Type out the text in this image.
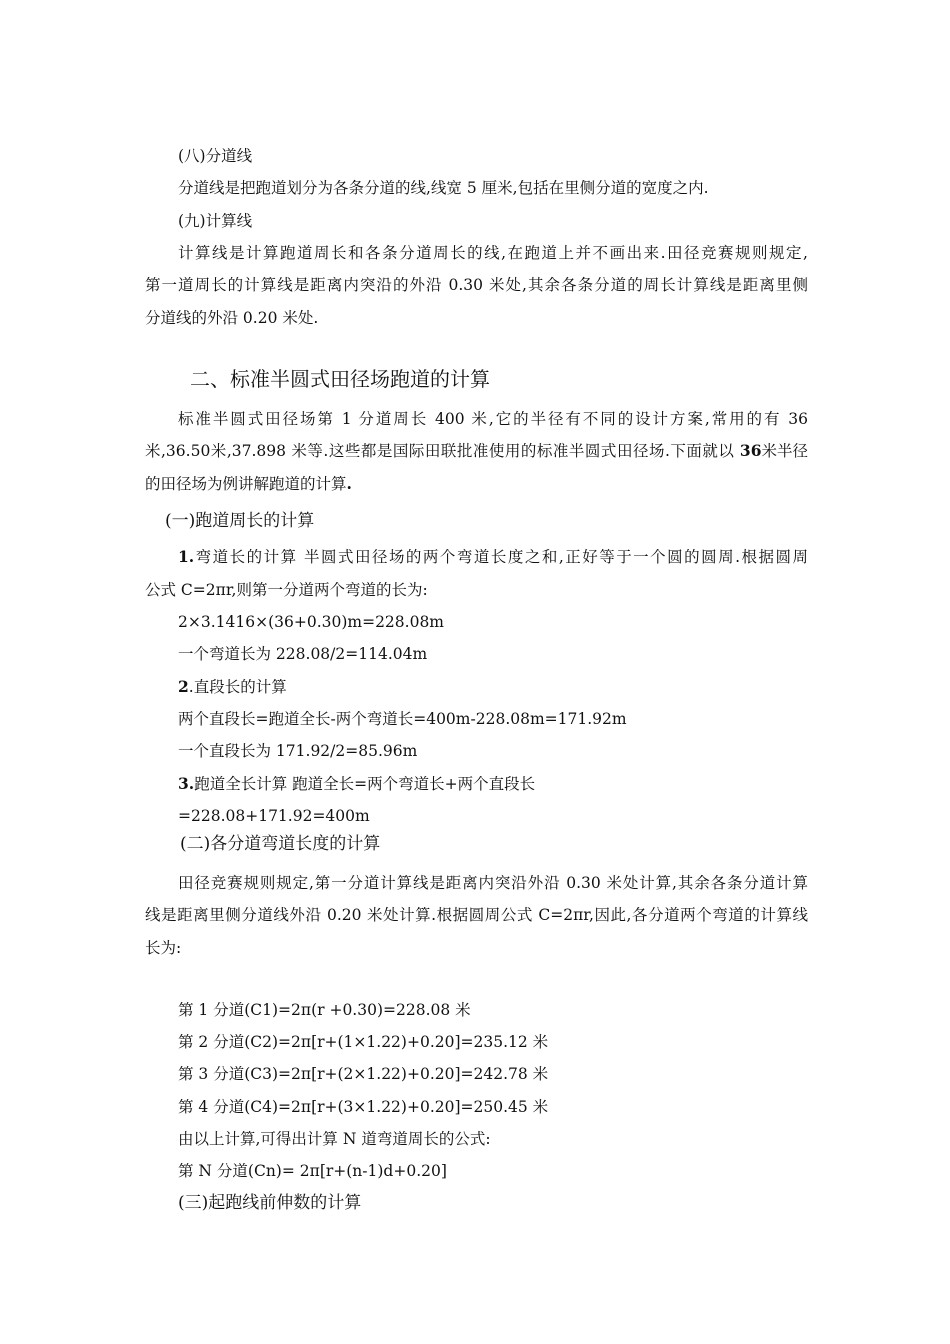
(八)分道线
分道线是把跑道划分为各条分道的线,线宽 5 厘米,包括在里侧分道的宽度之内.
(九)计算线
计算线是计算跑道周长和各条分道周长的线,在跑道上并不画出来.田径竞赛规则规定,
第一道周长的计算线是距离内突沿的外沿 0.30 米处,其余各条分道的周长计算线是距离里侧
分道线的外沿 0.20 米处.
二、标准半圆式田径场跑道的计算
标准半圆式田径场第 1 分道周长 400 米,它的半径有不同的设计方案,常用的有 36
米,36.50米,37.898 米等.这些都是国际田联批准使用的标准半圆式田径场.下面就以
的田径场为例讲解跑道的计算.
(一)跑道周长的计算
1.弯道长的计算 半圆式田径场的两个弯道长度之和,正好等于一个圆的圆周.根据圆周
公式 C=2πr,则第一分道两个弯道的长为:
2×3.1416×(36+0.30)m=228.08m
一个弯道长为 228.08/2=114.04m
2.直段长的计算
两个直段长=跑道全长-两个弯道长=400m-228.08m=171.92m
一个直段长为 171.92/2=85.96m
3.跑道全长计算 跑道全长=两个弯道长+两个直段长
=228.08+171.92=400m
(二)各分道弯道长度的计算
田径竞赛规则规定,第一分道计算线是距离内突沿外沿 0.30 米处计算,其余各条分道计算
线是距离里侧分道线外沿 0.20 米处计算.根据圆周公式 C=2πr,因此,各分道两个弯道的计算线
长为:
第 1 分道(C1)=2π(r +0.30)=228.08 米
第 2 分道(C2)=2π[r+(1×1.22)+0.20]=235.12 米
第 3 分道(C3)=2π[r+(2×1.22)+0.20]=242.78 米
第 4 分道(C4)=2π[r+(3×1.22)+0.20]=250.45 米
由以上计算,可得出计算 N 道弯道周长的公式:
第 N 分道(Cn)= 2π[r+(n-1)d+0.20]
(三)起跑线前伸数的计算
36米半径
